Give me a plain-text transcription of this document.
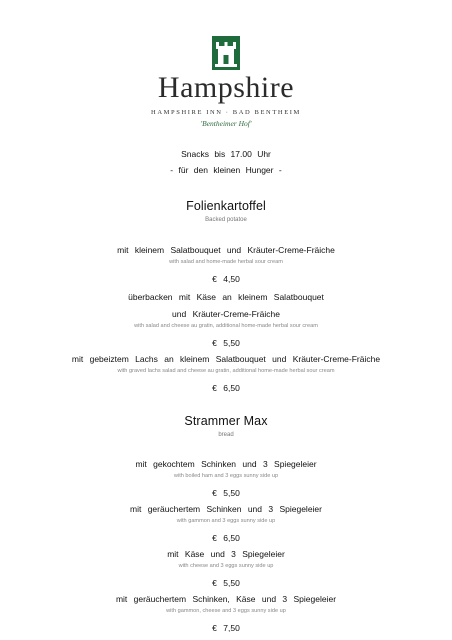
Hampshire
HAMPSHIRE INN · BAD BENTHEIM
'Bentheimer Hof'
Snacks bis 17.00 Uhr
- für den kleinen Hunger -
Folienkartoffel
Backed potatoe
mit kleinem Salatbouquet und Kräuter-Creme-Fräiche
with salad and home-made herbal sour cream
€ 4,50
überbacken mit Käse an kleinem Salatbouquet
und Kräuter-Creme-Fräiche
with salad and cheese au gratin, additional home-made herbal sour cream
€ 5,50
mit gebeiztem Lachs an kleinem Salatbouquet und Kräuter-Creme-Fräiche
with graved lachs salad and cheese au gratin, additional home-made herbal sour cream
€ 6,50
Strammer Max
bread
mit gekochtem Schinken und 3 Spiegeleier
with boiled ham and 3 eggs sunny side up
€ 5,50
mit geräuchertem Schinken und 3 Spiegeleier
with gammon and 3 eggs sunny side up
€ 6,50
mit Käse und 3 Spiegeleier
with cheese and 3 eggs sunny side up
€ 5,50
mit geräuchertem Schinken, Käse und 3 Spiegeleier
with gammon, cheese and 3 eggs sunny side up
€ 7,50
